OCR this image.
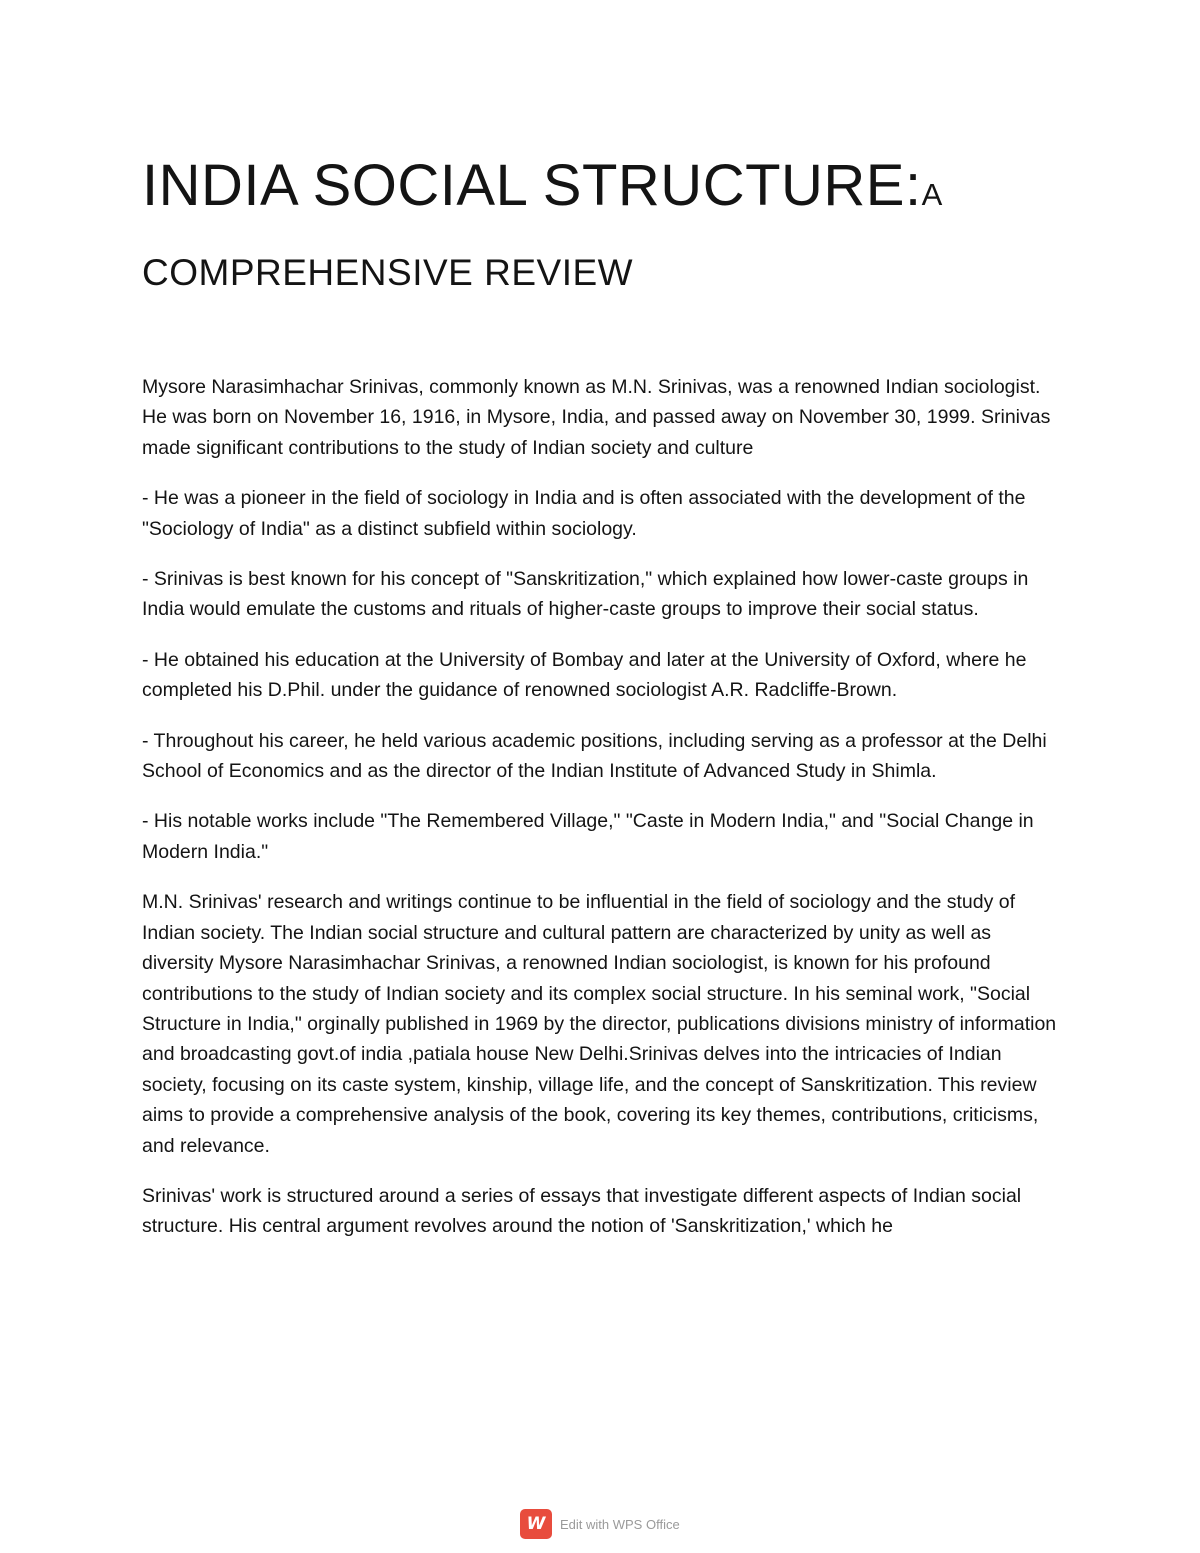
INDIA SOCIAL STRUCTURE:A
COMPREHENSIVE REVIEW

Mysore Narasimhachar Srinivas, commonly known as M.N. Srinivas, was a renowned Indian sociologist. He was born on November 16, 1916, in Mysore, India, and passed away on November 30, 1999. Srinivas made significant contributions to the study of Indian society and culture

- He was a pioneer in the field of sociology in India and is often associated with the development of the "Sociology of India" as a distinct subfield within sociology.

- Srinivas is best known for his concept of "Sanskritization," which explained how lower-caste groups in India would emulate the customs and rituals of higher-caste groups to improve their social status.

- He obtained his education at the University of Bombay and later at the University of Oxford, where he completed his D.Phil. under the guidance of renowned sociologist A.R. Radcliffe-Brown.

- Throughout his career, he held various academic positions, including serving as a professor at the Delhi School of Economics and as the director of the Indian Institute of Advanced Study in Shimla.

- His notable works include "The Remembered Village," "Caste in Modern India," and "Social Change in Modern India."

M.N. Srinivas' research and writings continue to be influential in the field of sociology and the study of Indian society. The Indian social structure and cultural pattern are characterized by unity as well as diversity Mysore Narasimhachar Srinivas, a renowned Indian sociologist, is known for his profound contributions to the study of Indian society and its complex social structure. In his seminal work, "Social Structure in India," orginally published in 1969 by the director, publications divisions ministry of information and broadcasting govt.of india ,patiala house New Delhi.Srinivas delves into the intricacies of Indian society, focusing on its caste system, kinship, village life, and the concept of Sanskritization. This review aims to provide a comprehensive analysis of the book, covering its key themes, contributions, criticisms, and relevance.

Srinivas' work is structured around a series of essays that investigate different aspects of Indian social structure. His central argument revolves around the notion of 'Sanskritization,' which he

W	Edit with WPS Office
